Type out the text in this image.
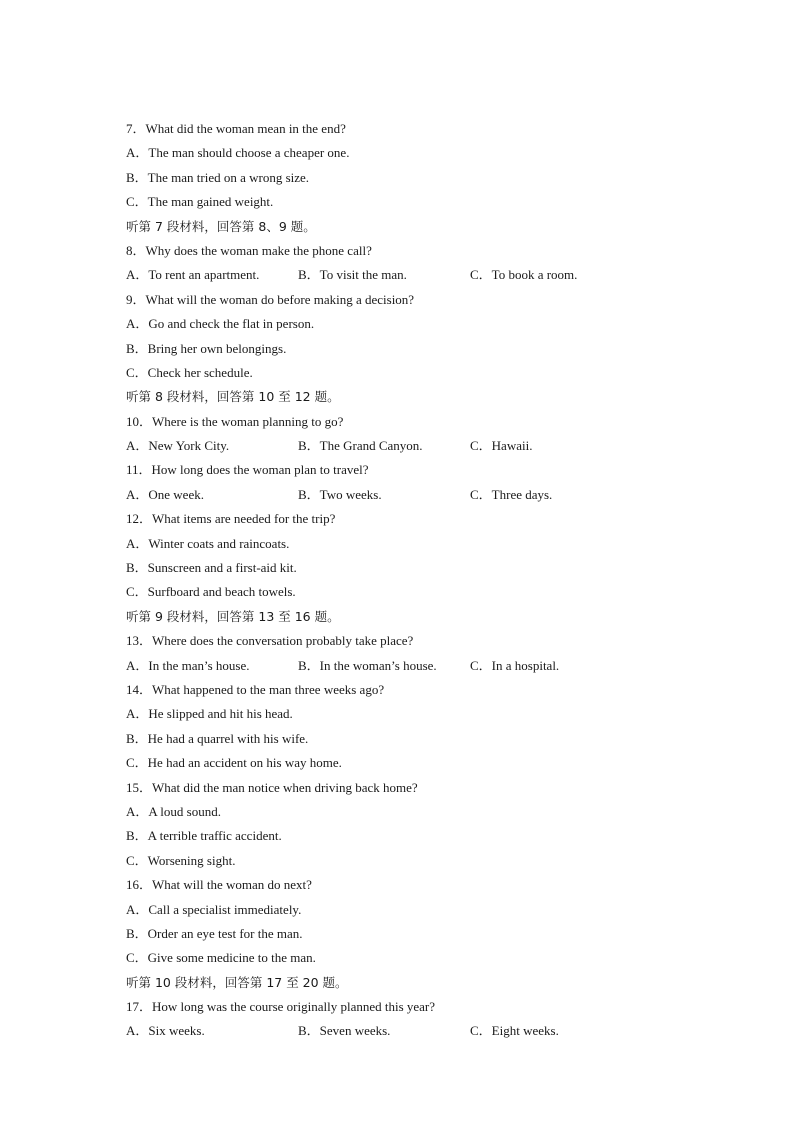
7．What did the woman mean in the end?
A．The man should choose a cheaper one.
B．The man tried on a wrong size.
C．The man gained weight.
听第 7 段材料，回答第 8、9 题。
8．Why does the woman make the phone call?
A．To rent an apartment.	B．To visit the man.	C．To book a room.
9．What will the woman do before making a decision?
A．Go and check the flat in person.
B．Bring her own belongings.
C．Check her schedule.
听第 8 段材料，回答第 10 至 12 题。
10．Where is the woman planning to go?
A．New York City.	B．The Grand Canyon.	C．Hawaii.
11．How long does the woman plan to travel?
A．One week.	B．Two weeks.	C．Three days.
12．What items are needed for the trip?
A．Winter coats and raincoats.
B．Sunscreen and a first-aid kit.
C．Surfboard and beach towels.
听第 9 段材料，回答第 13 至 16 题。
13．Where does the conversation probably take place?
A．In the man’s house.	B．In the woman’s house.	C．In a hospital.
14．What happened to the man three weeks ago?
A．He slipped and hit his head.
B．He had a quarrel with his wife.
C．He had an accident on his way home.
15．What did the man notice when driving back home?
A．A loud sound.
B．A terrible traffic accident.
C．Worsening sight.
16．What will the woman do next?
A．Call a specialist immediately.
B．Order an eye test for the man.
C．Give some medicine to the man.
听第 10 段材料，回答第 17 至 20 题。
17．How long was the course originally planned this year?
A．Six weeks.	B．Seven weeks.	C．Eight weeks.
